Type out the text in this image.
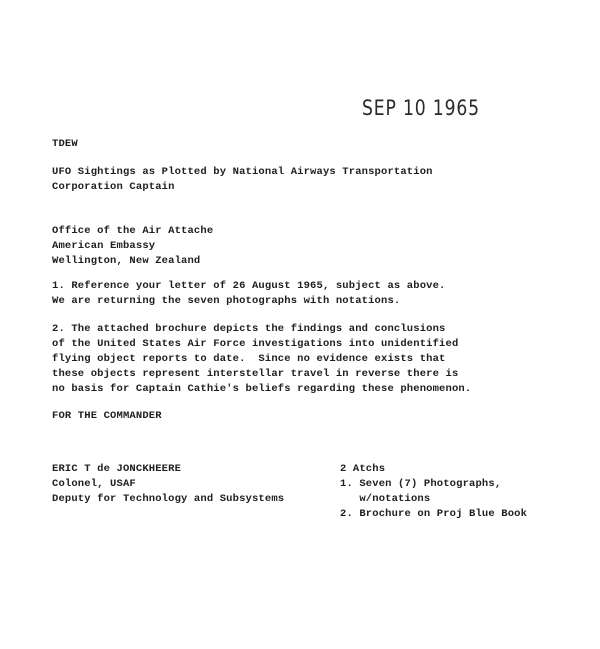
SEP 10 1965
TDEW
UFO Sightings as Plotted by National Airways Transportation
Corporation Captain
Office of the Air Attache
American Embassy
Wellington, New Zealand
1. Reference your letter of 26 August 1965, subject as above.
We are returning the seven photographs with notations.
2. The attached brochure depicts the findings and conclusions
of the United States Air Force investigations into unidentified
flying object reports to date.  Since no evidence exists that
these objects represent interstellar travel in reverse there is
no basis for Captain Cathie's beliefs regarding these phenomenon.
FOR THE COMMANDER
ERIC T de JONCKHEERE
Colonel, USAF
Deputy for Technology and Subsystems
2 Atchs
1. Seven (7) Photographs,
w/notations
2. Brochure on Proj Blue Book
